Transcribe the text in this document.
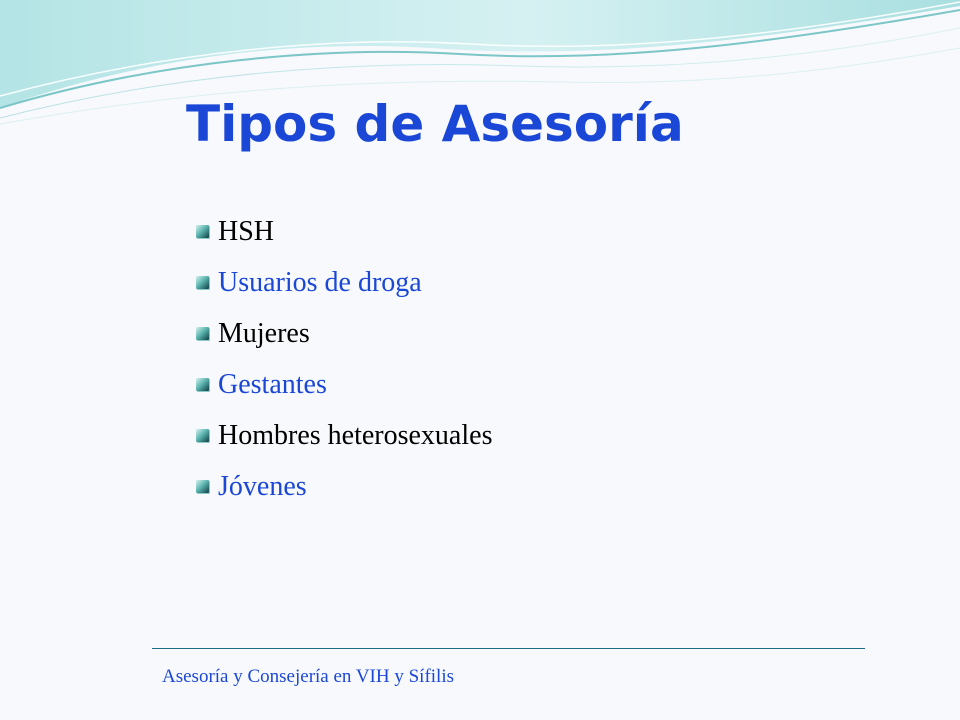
Tipos de Asesoría
HSH
Usuarios de droga
Mujeres
Gestantes
Hombres heterosexuales
Jóvenes
Asesoría y Consejería en VIH y Sífilis
